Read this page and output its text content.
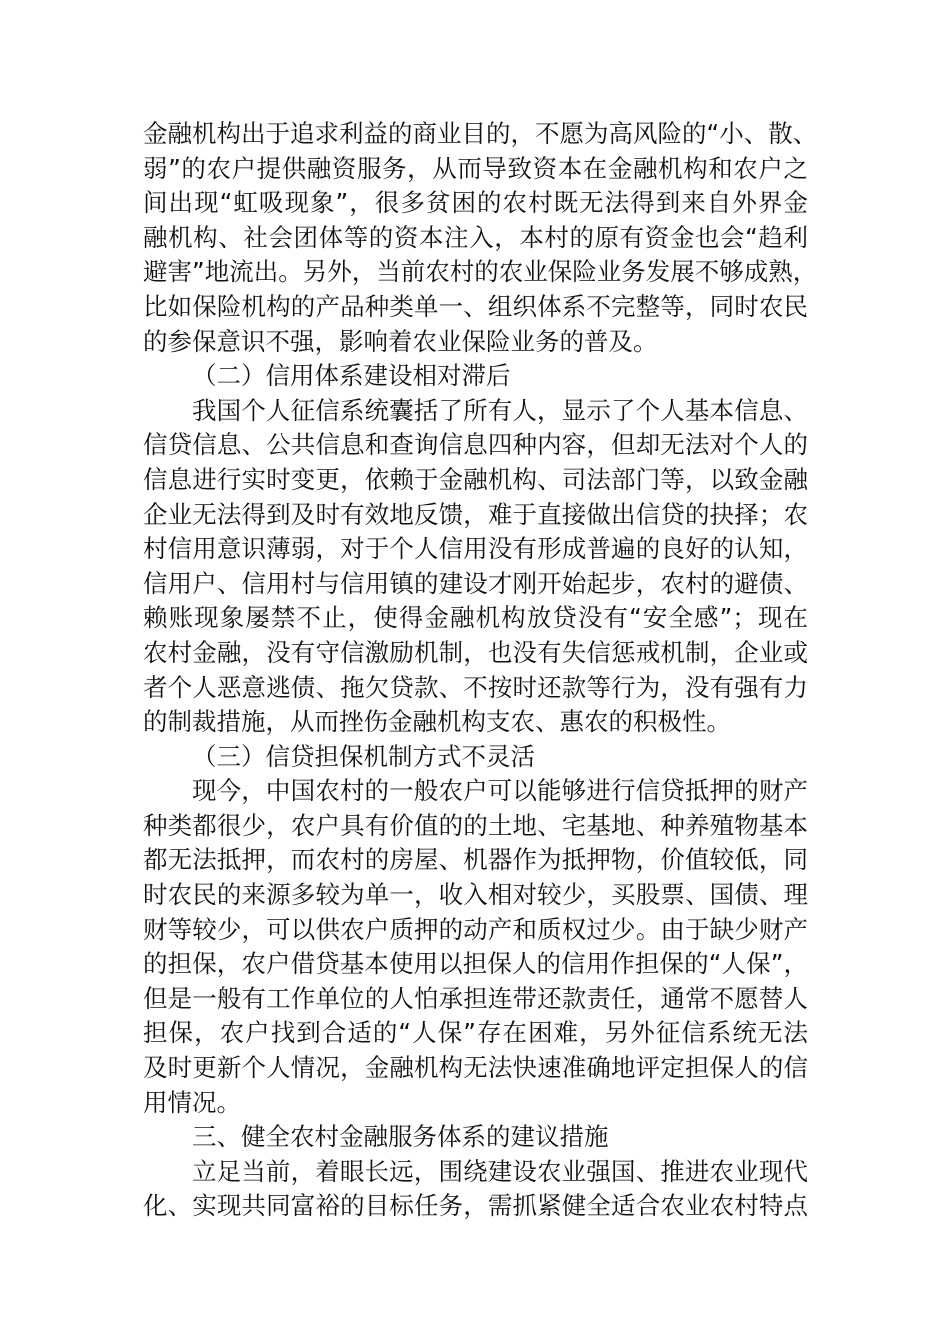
金融机构出于追求利益的商业目的，不愿为高风险的“小、散、
弱”的农户提供融资服务，从而导致资本在金融机构和农户之
间出现“虹吸现象”，很多贫困的农村既无法得到来自外界金
融机构、社会团体等的资本注入，本村的原有资金也会“趋利
避害”地流出。另外，当前农村的农业保险业务发展不够成熟，
比如保险机构的产品种类单一、组织体系不完整等，同时农民
的参保意识不强，影响着农业保险业务的普及。
（二）信用体系建设相对滞后
我国个人征信系统囊括了所有人，显示了个人基本信息、
信贷信息、公共信息和查询信息四种内容，但却无法对个人的
信息进行实时变更，依赖于金融机构、司法部门等，以致金融
企业无法得到及时有效地反馈，难于直接做出信贷的抉择；农
村信用意识薄弱，对于个人信用没有形成普遍的良好的认知，
信用户、信用村与信用镇的建设才刚开始起步，农村的避债、
赖账现象屡禁不止，使得金融机构放贷没有“安全感”；现在
农村金融，没有守信激励机制，也没有失信惩戒机制，企业或
者个人恶意逃债、拖欠贷款、不按时还款等行为，没有强有力
的制裁措施，从而挫伤金融机构支农、惠农的积极性。
（三）信贷担保机制方式不灵活
现今，中国农村的一般农户可以能够进行信贷抵押的财产
种类都很少，农户具有价值的的土地、宅基地、种养殖物基本
都无法抵押，而农村的房屋、机器作为抵押物，价值较低，同
时农民的来源多较为单一，收入相对较少，买股票、国债、理
财等较少，可以供农户质押的动产和质权过少。由于缺少财产
的担保，农户借贷基本使用以担保人的信用作担保的“人保”，
但是一般有工作单位的人怕承担连带还款责任，通常不愿替人
担保，农户找到合适的“人保”存在困难，另外征信系统无法
及时更新个人情况，金融机构无法快速准确地评定担保人的信
用情况。
三、健全农村金融服务体系的建议措施
立足当前，着眼长远，围绕建设农业强国、推进农业现代
化、实现共同富裕的目标任务，需抓紧健全适合农业农村特点
